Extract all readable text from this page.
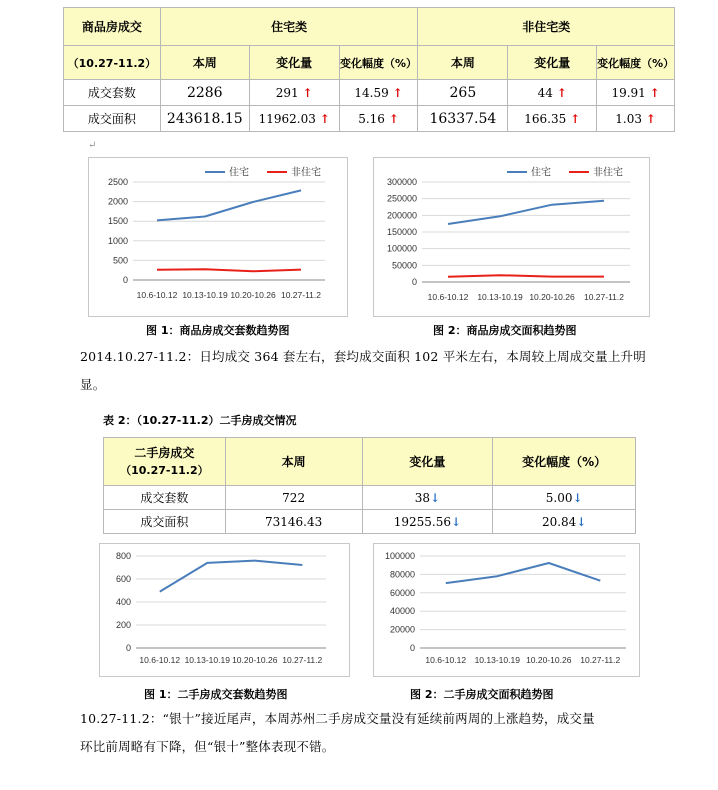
商品房成交	住宅类			非住宅类		
（10.27-11.2）	本周	变化量	变化幅度（%）	本周	变化量	变化幅度（%）
成交套数	2286	291 ↑	14.59 ↑	265	44 ↑	19.91 ↑
成交面积	243618.15	11962.03 ↑	5.16 ↑	16337.54	166.35 ↑	1.03 ↑
↵
0
500
1000
1500
2000
2500
10.6-10.12 10.13-10.19 10.20-10.26 10.27-11.2
住宅	非住宅
0
50000
100000
150000
200000
250000
300000
10.6-10.12 10.13-10.19 10.20-10.26 10.27-11.2
住宅	非住宅
图 1：商品房成交套数趋势图	图 2：商品房成交面积趋势图
2014.10.27-11.2：日均成交 364 套左右，套均成交面积 102 平米左右，本周较上周成交量上升明
显。
表 2：（10.27-11.2）二手房成交情况
二手房成交
（10.27-11.2）	本周	变化量	变化幅度（%）
成交套数	722	38↓	5.00↓
成交面积	73146.43	19255.56↓	20.84↓
0
200
400
600
800
10.6-10.12 10.13-10.19 10.20-10.26 10.27-11.2
0
20000
40000
60000
80000
100000
10.6-10.12 10.13-10.19 10.20-10.26 10.27-11.2
图 1：二手房成交套数趋势图	图 2：二手房成交面积趋势图
10.27-11.2：“银十”接近尾声，本周苏州二手房成交量没有延续前两周的上涨趋势，成交量
环比前周略有下降，但“银十”整体表现不错。
